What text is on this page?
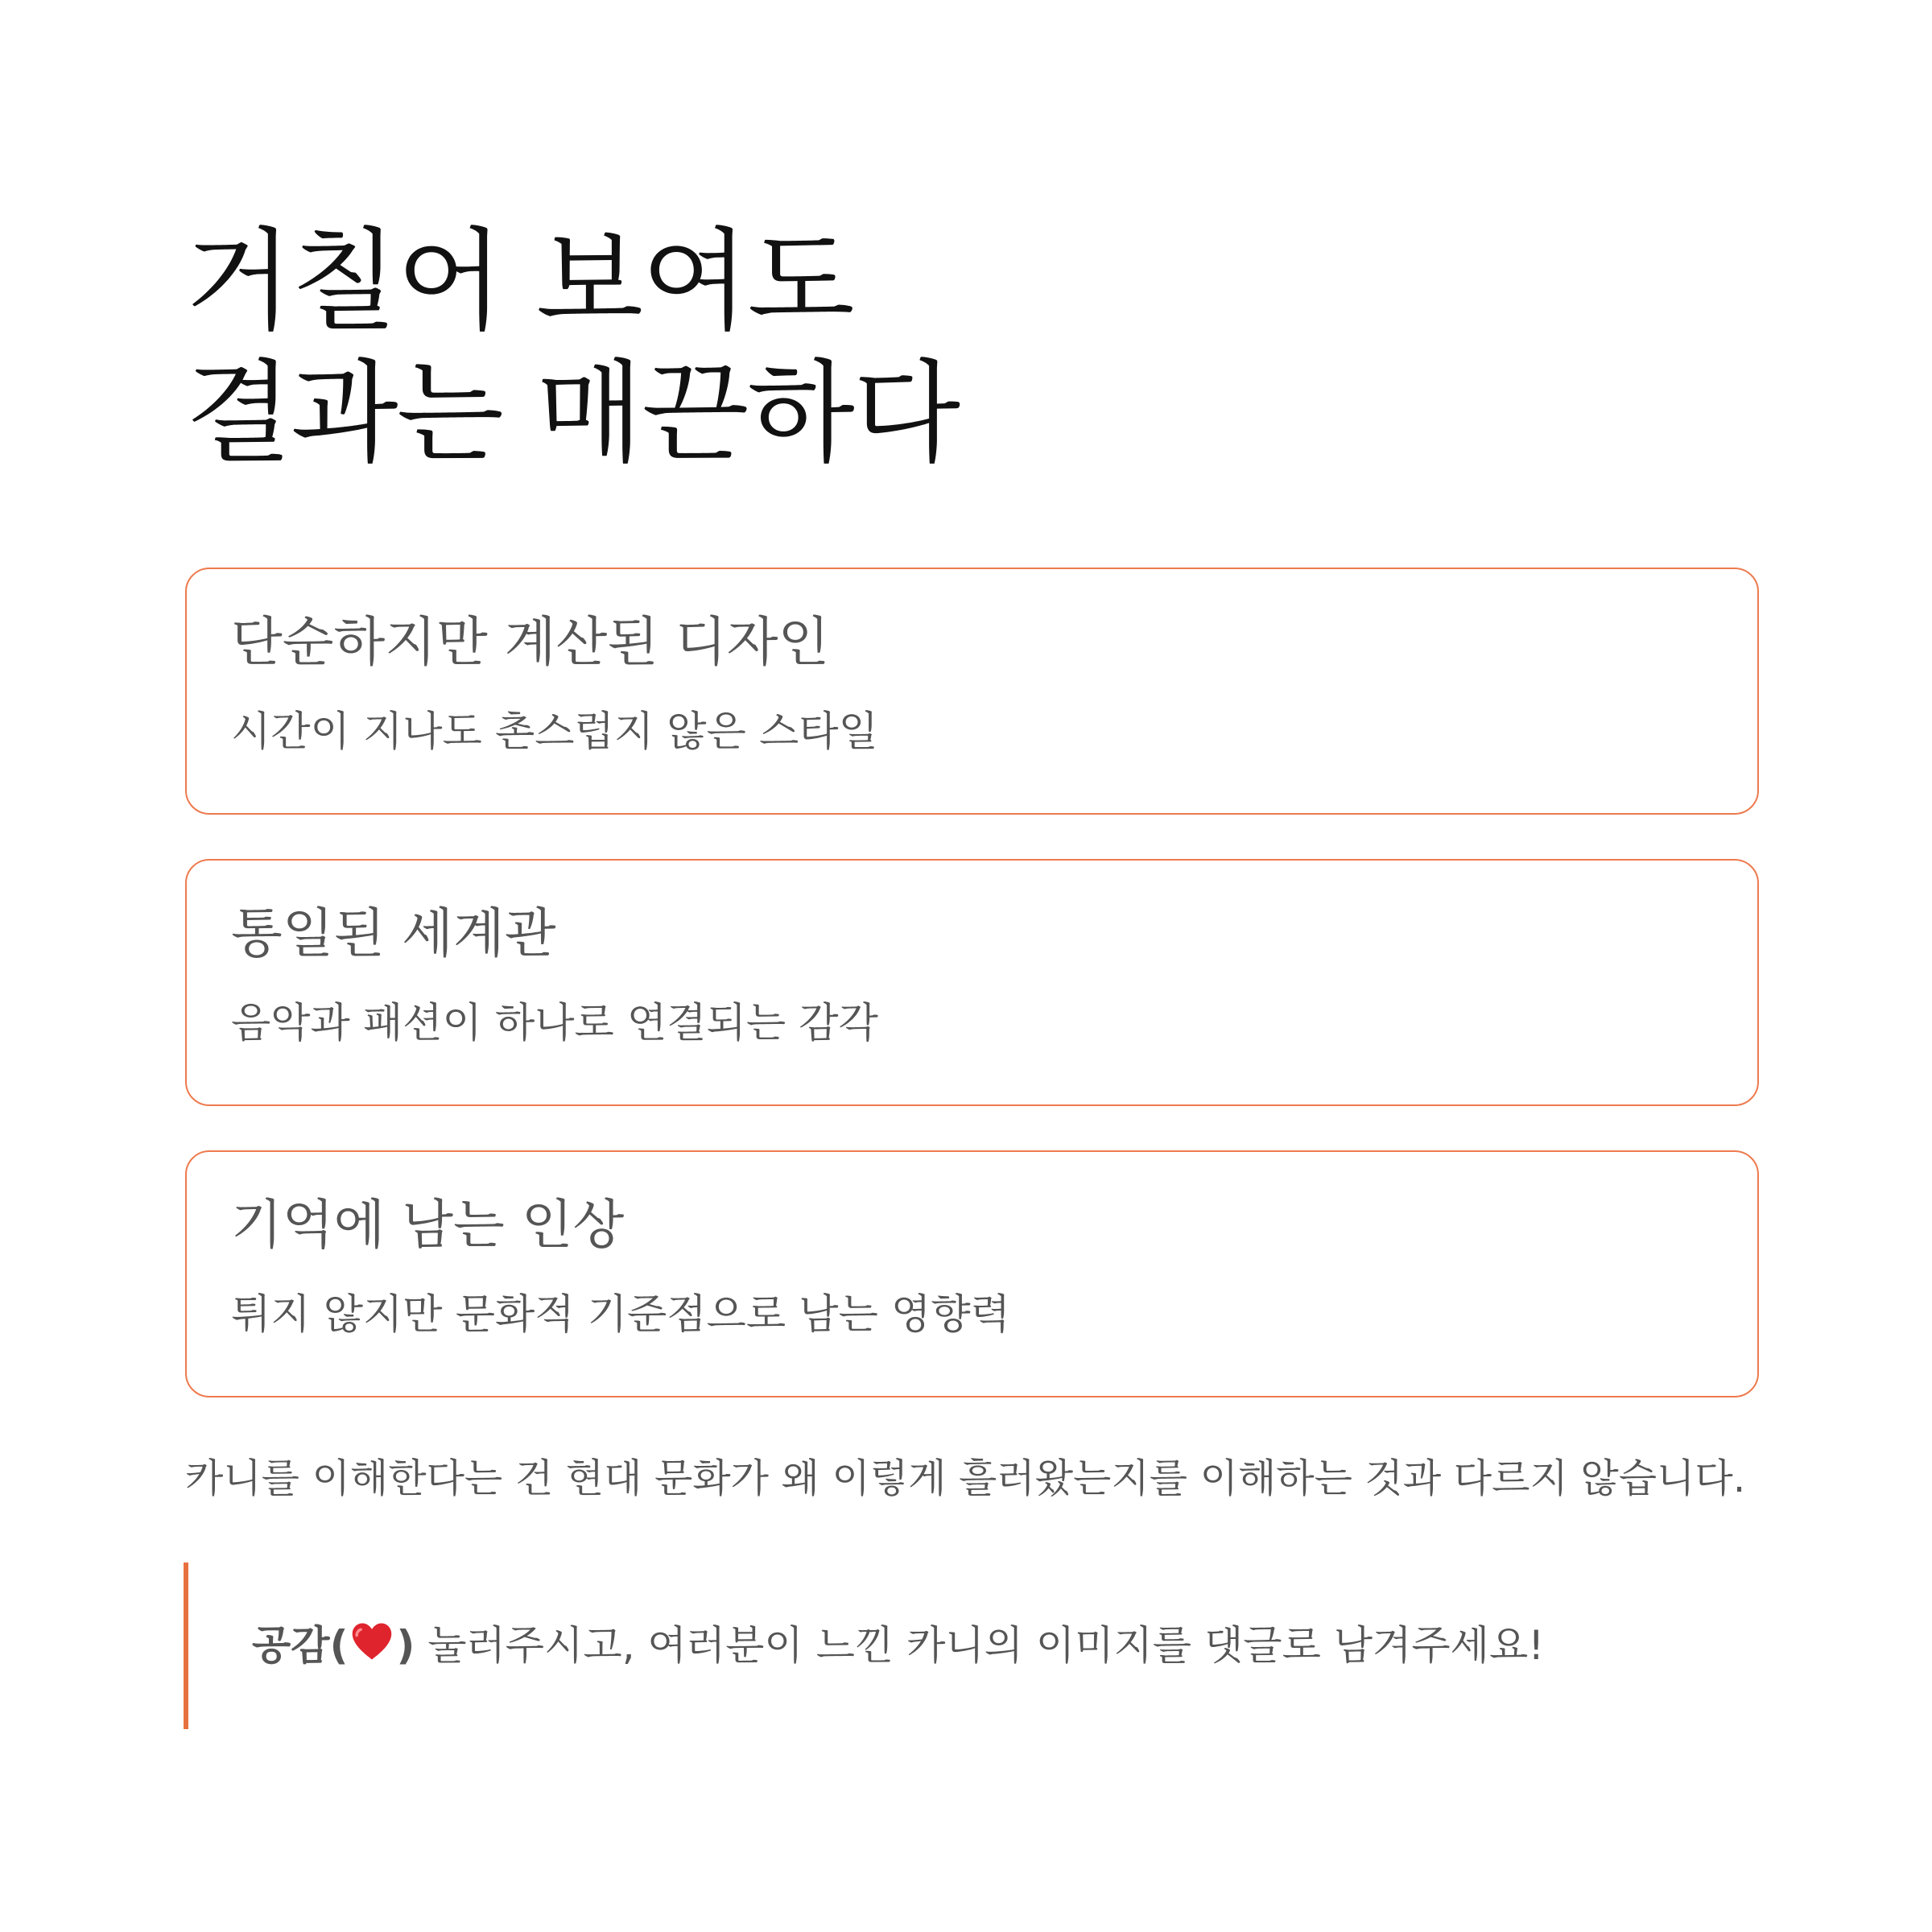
거칠어 보여도
결과는 매끈하다

단순하지만 계산된 디자인

시간이 지나도 촌스럽지 않은 스타일

통일된 세계관

음악과 패션이 하나로 연결되는 감각

기억에 남는 인상

튀지 않지만 문화적 기준점으로 남는 영향력

카니를 이해한다는 건 현대 문화가 왜 이렇게 흘러왔는지를 이해하는 것과 다르지 않습니다.

공감( ) 눌러주시고, 여러분이 느낀 카니의 이미지를 댓글로 남겨주세요!
